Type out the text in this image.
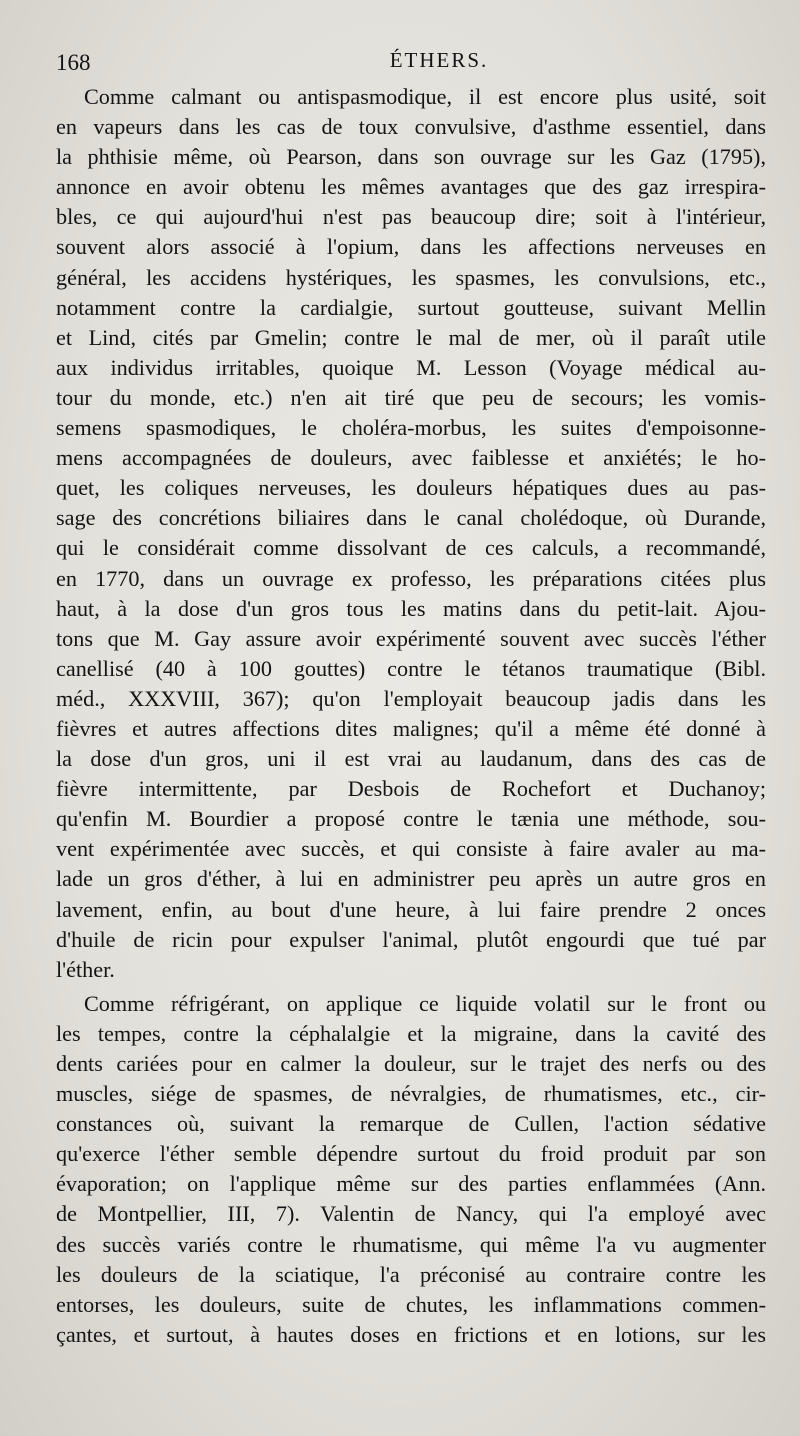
168	ÉTHERS.
Comme calmant ou antispasmodique, il est encore plus usité, soit
en vapeurs dans les cas de toux convulsive, d'asthme essentiel, dans
la phthisie même, où Pearson, dans son ouvrage sur les Gaz (1795),
annonce en avoir obtenu les mêmes avantages que des gaz irrespira-
bles, ce qui aujourd'hui n'est pas beaucoup dire; soit à l'intérieur,
souvent alors associé à l'opium, dans les affections nerveuses en
général, les accidens hystériques, les spasmes, les convulsions, etc.,
notamment contre la cardialgie, surtout goutteuse, suivant Mellin
et Lind, cités par Gmelin; contre le mal de mer, où il paraît utile
aux individus irritables, quoique M. Lesson (Voyage médical au-
tour du monde, etc.) n'en ait tiré que peu de secours; les vomis-
semens spasmodiques, le choléra-morbus, les suites d'empoisonne-
mens accompagnées de douleurs, avec faiblesse et anxiétés; le ho-
quet, les coliques nerveuses, les douleurs hépatiques dues au pas-
sage des concrétions biliaires dans le canal cholédoque, où Durande,
qui le considérait comme dissolvant de ces calculs, a recommandé,
en 1770, dans un ouvrage ex professo, les préparations citées plus
haut, à la dose d'un gros tous les matins dans du petit-lait. Ajou-
tons que M. Gay assure avoir expérimenté souvent avec succès l'éther
canellisé (40 à 100 gouttes) contre le tétanos traumatique (Bibl.
méd., XXXVIII, 367); qu'on l'employait beaucoup jadis dans les
fièvres et autres affections dites malignes; qu'il a même été donné à
la dose d'un gros, uni il est vrai au laudanum, dans des cas de
fièvre intermittente, par Desbois de Rochefort et Duchanoy;
qu'enfin M. Bourdier a proposé contre le tænia une méthode, sou-
vent expérimentée avec succès, et qui consiste à faire avaler au ma-
lade un gros d'éther, à lui en administrer peu après un autre gros en
lavement, enfin, au bout d'une heure, à lui faire prendre 2 onces
d'huile de ricin pour expulser l'animal, plutôt engourdi que tué par
l'éther.
Comme réfrigérant, on applique ce liquide volatil sur le front ou
les tempes, contre la céphalalgie et la migraine, dans la cavité des
dents cariées pour en calmer la douleur, sur le trajet des nerfs ou des
muscles, siége de spasmes, de névralgies, de rhumatismes, etc., cir-
constances où, suivant la remarque de Cullen, l'action sédative
qu'exerce l'éther semble dépendre surtout du froid produit par son
évaporation; on l'applique même sur des parties enflammées (Ann.
de Montpellier, III, 7). Valentin de Nancy, qui l'a employé avec
des succès variés contre le rhumatisme, qui même l'a vu augmenter
les douleurs de la sciatique, l'a préconisé au contraire contre les
entorses, les douleurs, suite de chutes, les inflammations commen-
çantes, et surtout, à hautes doses en frictions et en lotions, sur les
